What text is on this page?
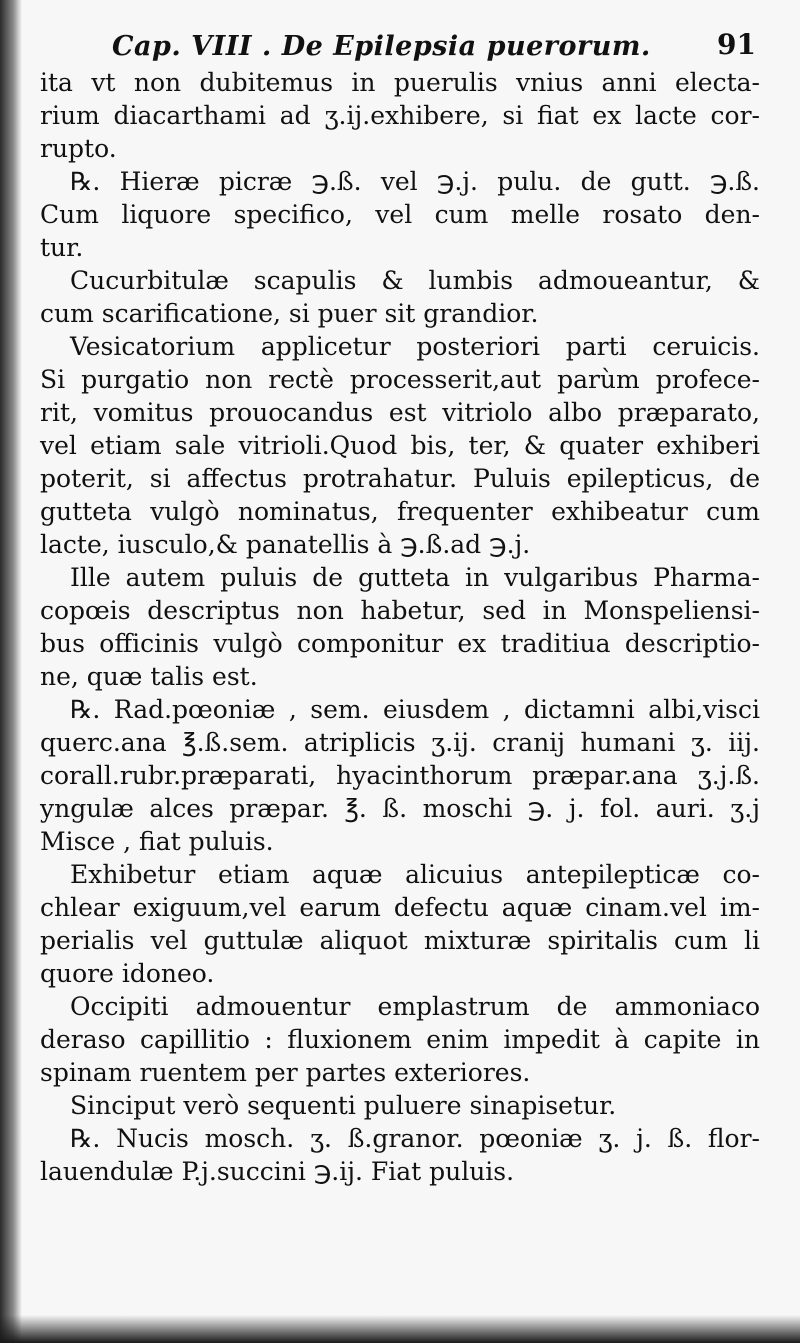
Cap. VIII . De Epilepsia puerorum. 91
ita vt non dubitemus in puerulis vnius anni electa-
rium diacarthami ad ʒ.ij.exhibere, si fiat ex lacte cor-
rupto.
℞. Hieræ picræ ℈.ß. vel ℈.j. pulu. de gutt. ℈.ß.
Cum liquore specifico, vel cum melle rosato den-
tur.
Cucurbitulæ scapulis & lumbis admoueantur, &
cum scarificatione, si puer sit grandior.
Vesicatorium applicetur posteriori parti ceruicis.
Si purgatio non rectè processerit,aut parùm profece-
rit, vomitus prouocandus est vitriolo albo præparato,
vel etiam sale vitrioli.Quod bis, ter, & quater exhiberi
poterit, si affectus protrahatur. Puluis epilepticus, de
gutteta vulgò nominatus, frequenter exhibeatur cum
lacte, iusculo,& panatellis à ℈.ß.ad ℈.j.
Ille autem puluis de gutteta in vulgaribus Pharma-
copœis descriptus non habetur, sed in Monspeliensi-
bus officinis vulgò componitur ex traditiua descriptio-
ne, quæ talis est.
℞. Rad.pœoniæ , sem. eiusdem , dictamni albi,visci
querc.ana ℥.ß.sem. atriplicis ʒ.ij. cranij humani ʒ. iij.
corall.rubr.præparati, hyacinthorum præpar.ana ʒ.j.ß.
yngulæ alces præpar. ℥. ß. moschi ℈. j. fol. auri. ʒ.j
Misce , fiat puluis.
Exhibetur etiam aquæ alicuius antepilepticæ co-
chlear exiguum,vel earum defectu aquæ cinam.vel im-
perialis vel guttulæ aliquot mixturæ spiritalis cum li
quore idoneo.
Occipiti admouentur emplastrum de ammoniaco
deraso capillitio : fluxionem enim impedit à capite in
spinam ruentem per partes exteriores.
Sinciput verò sequenti puluere sinapisetur.
℞. Nucis mosch. ʒ. ß.granor. pœoniæ ʒ. j. ß. flor-
lauendulæ P.j.succini ℈.ij. Fiat puluis.
